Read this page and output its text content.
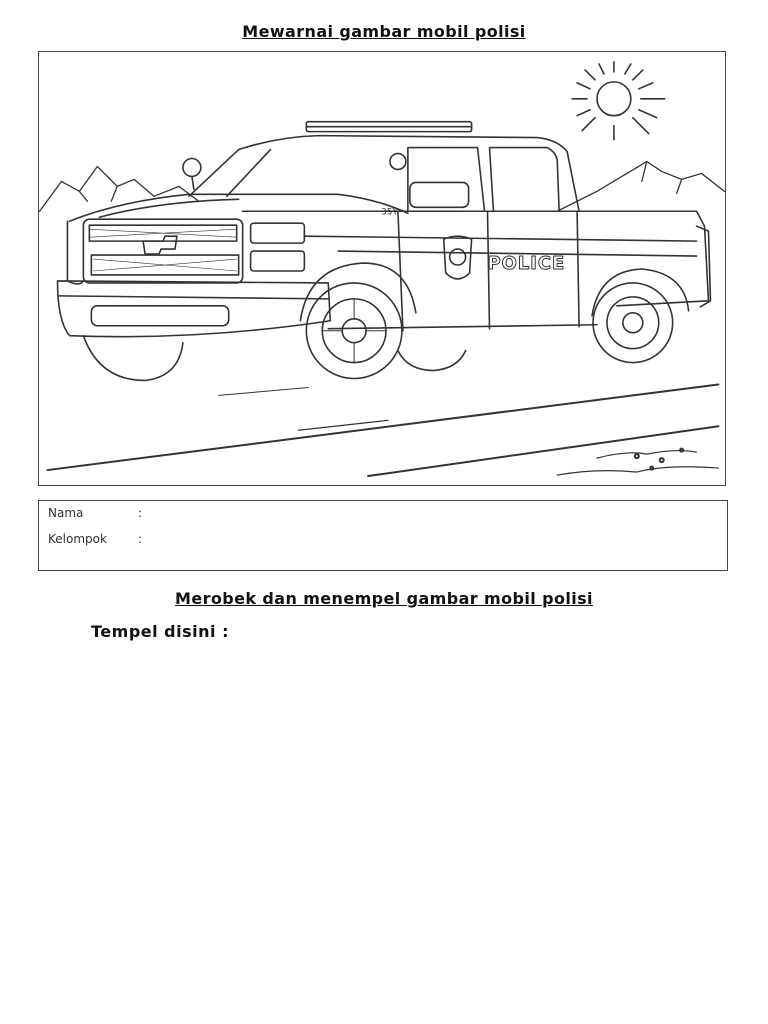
Mewarnai gambar mobil polisi
35Y
POLICE
Nama	:
Kelompok	:
Merobek dan menempel gambar mobil polisi
Tempel disini :
